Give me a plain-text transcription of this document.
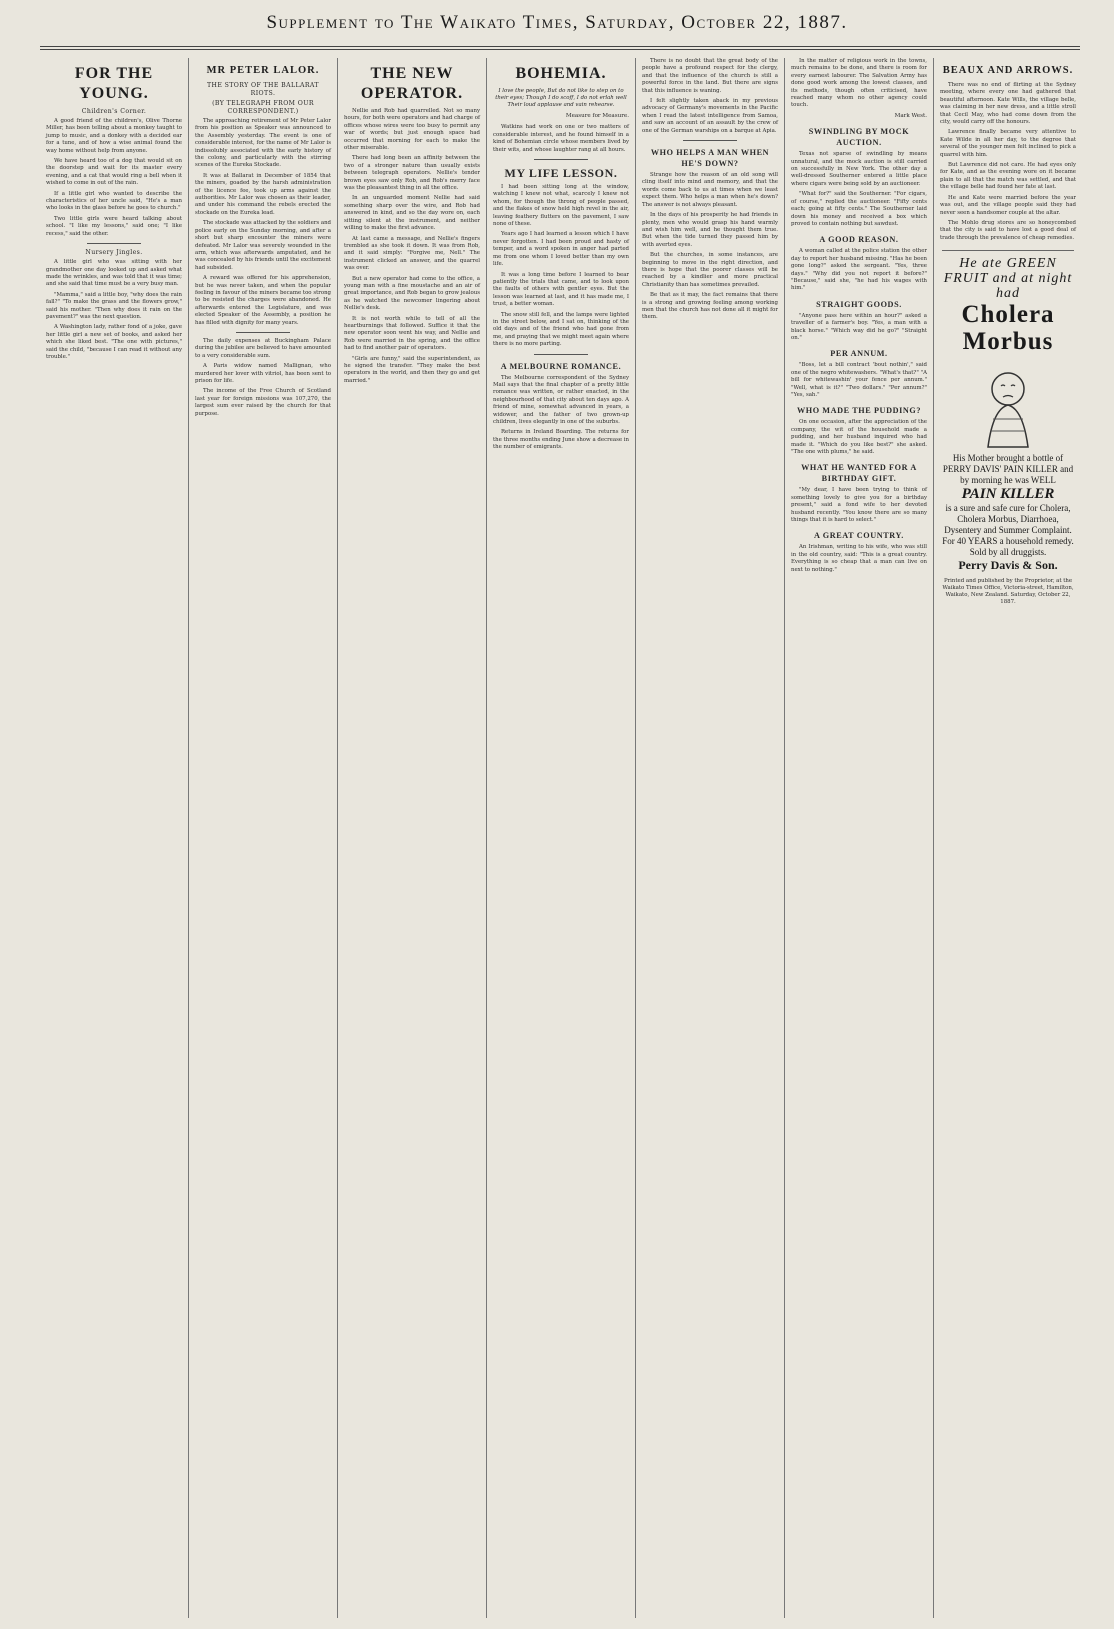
Supplement to The Waikato Times, Saturday, October 22, 1887.
FOR THE YOUNG.
Children's Corner.

A good friend of the children's, Olive Thorne Miller, has been telling about a monkey taught to jump to music, and a donkey with a decided ear for a tune, and of how a wise animal found the way home without help from anyone.

We have heard too of a dog that would sit on the doorstep and wait for its master every evening, and a cat that would ring a bell when it wished to come in out of the rain.

If a little girl who wanted to describe the characteristics of her uncle said, "He's a man who looks in the glass before he goes to church."

Two little girls were heard talking about school. "I like my lessons," said one; "I like recess," said the other.

Nursery Jingles.

A little girl who was sitting with her grandmother one day looked up and asked what made the wrinkles, and was told that it was time; and she said that time must be a very busy man.

"Mamma," said a little boy, "why does the rain fall?" "To make the grass and the flowers grow," said his mother. "Then why does it rain on the pavement?" was the next question.

A Washington lady, rather fond of a joke, gave her little girl a new set of books, and asked her which she liked best. "The one with pictures," said the child, "because I can read it without any trouble."

MR PETER LALOR.
THE STORY OF THE BALLARAT RIOTS.
(BY TELEGRAPH FROM OUR CORRESPONDENT.)

The approaching retirement of Mr Peter Lalor from his position as Speaker was announced to the Assembly yesterday. The event is one of considerable interest, for the name of Mr Lalor is indissolubly associated with the early history of the colony, and particularly with the stirring scenes of the Eureka Stockade.

It was at Ballarat in December of 1854 that the miners, goaded by the harsh administration of the licence fee, took up arms against the authorities. Mr Lalor was chosen as their leader, and under his command the rebels erected the stockade on the Eureka lead.

The stockade was attacked by the soldiers and police early on the Sunday morning, and after a short but sharp encounter the miners were defeated. Mr Lalor was severely wounded in the arm, which was afterwards amputated, and he was concealed by his friends until the excitement had subsided.

A reward was offered for his apprehension, but he was never taken, and when the popular feeling in favour of the miners became too strong to be resisted the charges were abandoned. He afterwards entered the Legislature, and was elected Speaker of the Assembly, a position he has filled with dignity for many years.

The daily expenses at Buckingham Palace during the jubilee are believed to have amounted to a very considerable sum.

A Paris widow named Mallignan, who murdered her lover with vitriol, has been sent to prison for life.

The income of the Free Church of Scotland last year for foreign missions was 107,270, the largest sum ever raised by the church for that purpose.

THE NEW OPERATOR.

Nellie and Rob had quarrelled. Not so many hours, for both were operators and had charge of offices whose wires were too busy to permit any war of words; but just enough space had occurred that morning for each to make the other miserable.

There had long been an affinity between the two of a stronger nature than usually exists between telegraph operators. Nellie's tender brown eyes saw only Rob, and Rob's merry face was the pleasantest thing in all the office.

In an unguarded moment Nellie had said something sharp over the wire, and Rob had answered in kind, and so the day wore on, each sitting silent at the instrument, and neither willing to make the first advance.

At last came a message, and Nellie's fingers trembled as she took it down. It was from Rob, and it said simply: "Forgive me, Nell." The instrument clicked an answer, and the quarrel was over.

But a new operator had come to the office, a young man with a fine moustache and an air of great importance, and Rob began to grow jealous as he watched the newcomer lingering about Nellie's desk.

It is not worth while to tell of all the heartburnings that followed. Suffice it that the new operator soon went his way, and Nellie and Rob were married in the spring, and the office had to find another pair of operators.

"Girls are funny," said the superintendent, as he signed the transfer. "They make the best operators in the world, and then they go and get married."

BOHEMIA.
I love the people, But do not like to step on to their eyes; Though I do scoff, I do not erlah well Their loud applause and vain rehearse.
Measure for Measure.

Watkins had work on one or two matters of considerable interest, and he found himself in a kind of Bohemian circle whose members lived by their wits, and whose laughter rang at all hours.

MY LIFE LESSON.

I had been sitting long at the window, watching I knew not what, scarcely I knew not whom, for though the throng of people passed, and the flakes of snow held high revel in the air, leaving feathery flutters on the pavement, I saw none of these.

Years ago I had learned a lesson which I have never forgotten. I had been proud and hasty of temper, and a word spoken in anger had parted me from one whom I loved better than my own life.

It was a long time before I learned to bear patiently the trials that came, and to look upon the faults of others with gentler eyes. But the lesson was learned at last, and it has made me, I trust, a better woman.

The snow still fell, and the lamps were lighted in the street below, and I sat on, thinking of the old days and of the friend who had gone from me, and praying that we might meet again where there is no more parting.

A MELBOURNE ROMANCE.

The Melbourne correspondent of the Sydney Mail says that the final chapter of a pretty little romance was written, or rather enacted, in the neighbourhood of that city about ten days ago. A friend of mine, somewhat advanced in years, a widower, and the father of two grown-up children, lives elegantly in one of the suburbs.

Returns in Ireland Boarding. The returns for the three months ending June show a decrease in the number of emigrants.

There is no doubt that the great body of the people have a profound respect for the clergy, and that the influence of the church is still a powerful force in the land. But there are signs that this influence is waning.

I felt slightly taken aback in my previous advocacy of Germany's movements in the Pacific when I read the latest intelligence from Samoa, and saw an account of an assault by the crew of one of the German warships on a barque at Apia.

WHO HELPS A MAN WHEN HE'S DOWN?

Strange how the reason of an old song will cling itself into mind and memory, and that the words come back to us at times when we least expect them. Who helps a man when he's down? The answer is not always pleasant.

In the days of his prosperity he had friends in plenty, men who would grasp his hand warmly and wish him well, and he thought them true. But when the tide turned they passed him by with averted eyes.

But the churches, in some instances, are beginning to move in the right direction, and there is hope that the poorer classes will be reached by a kindlier and more practical Christianity than has sometimes prevailed.

Be that as it may, the fact remains that there is a strong and growing feeling among working men that the church has not done all it might for them.

In the matter of religious work in the towns, much remains to be done, and there is room for every earnest labourer. The Salvation Army has done good work among the lowest classes, and its methods, though often criticised, have reached many whom no other agency could touch.

Mark West.
SWINDLING BY MOCK AUCTION.

Texas not sparse of swindling by means unnatural, and the mock auction is still carried on successfully in New York. The other day a well-dressed Southerner entered a little place where cigars were being sold by an auctioneer.

"What for?" said the Southerner. "For cigars, of course," replied the auctioneer. "Fifty cents each; going at fifty cents." The Southerner laid down his money and received a box which proved to contain nothing but sawdust.

A GOOD REASON.

A woman called at the police station the other day to report her husband missing. "Has he been gone long?" asked the sergeant. "Yes, three days." "Why did you not report it before?" "Because," said she, "he had his wages with him."

STRAIGHT GOODS.

"Anyone pass here within an hour?" asked a traveller of a farmer's boy. "Yes, a man with a black horse." "Which way did he go?" "Straight on."

PER ANNUM.

"Boss, let a bill contract 'bout nothin'," said one of the negro whitewashers. "What's that?" "A bill for whitewashin' your fence per annum." "Well, what is it?" "Two dollars." "Per annum?" "Yes, sah."

WHO MADE THE PUDDING?

On one occasion, after the appreciation of the company, the wit of the household made a pudding, and her husband inquired who had made it. "Which do you like best?" she asked. "The one with plums," he said.

WHAT HE WANTED FOR A BIRTHDAY GIFT.

"My dear, I have been trying to think of something lovely to give you for a birthday present," said a fond wife to her devoted husband recently. "You know there are so many things that it is hard to select."

A GREAT COUNTRY.

An Irishman, writing to his wife, who was still in the old country, said: "This is a great country. Everything is so cheap that a man can live on next to nothing."

BEAUX AND ARROWS.

There was no end of flirting at the Sydney meeting, where every one had gathered that beautiful afternoon. Kate Wills, the village belle, was claiming in her new dress, and a little stroll that Cecil May, who had come down from the city, would carry off the honours.

Lawrence finally became very attentive to Kate Wilde in all her day, to the degree that several of the younger men felt inclined to pick a quarrel with him.

But Lawrence did not care. He had eyes only for Kate, and as the evening wore on it became plain to all that the match was settled, and that the village belle had found her fate at last.

He and Kate were married before the year was out, and the village people said they had never seen a handsomer couple at the altar.

The Mohlo drug stores are so honeycombed that the city is said to have lost a good deal of trade through the prevalence of cheap remedies.

He ate GREEN FRUIT and at night had
Cholera Morbus
His Mother brought a bottle of PERRY DAVIS' PAIN KILLER and by morning he was WELL
PAIN KILLER
is a sure and safe cure for Cholera, Cholera Morbus, Diarrhoea, Dysentery and Summer Complaint. For 40 YEARS a household remedy. Sold by all druggists.
Perry Davis & Son.
Printed and published by the Proprietor, at the Waikato Times Office, Victoria-street, Hamilton, Waikato, New Zealand. Saturday, October 22, 1887.
